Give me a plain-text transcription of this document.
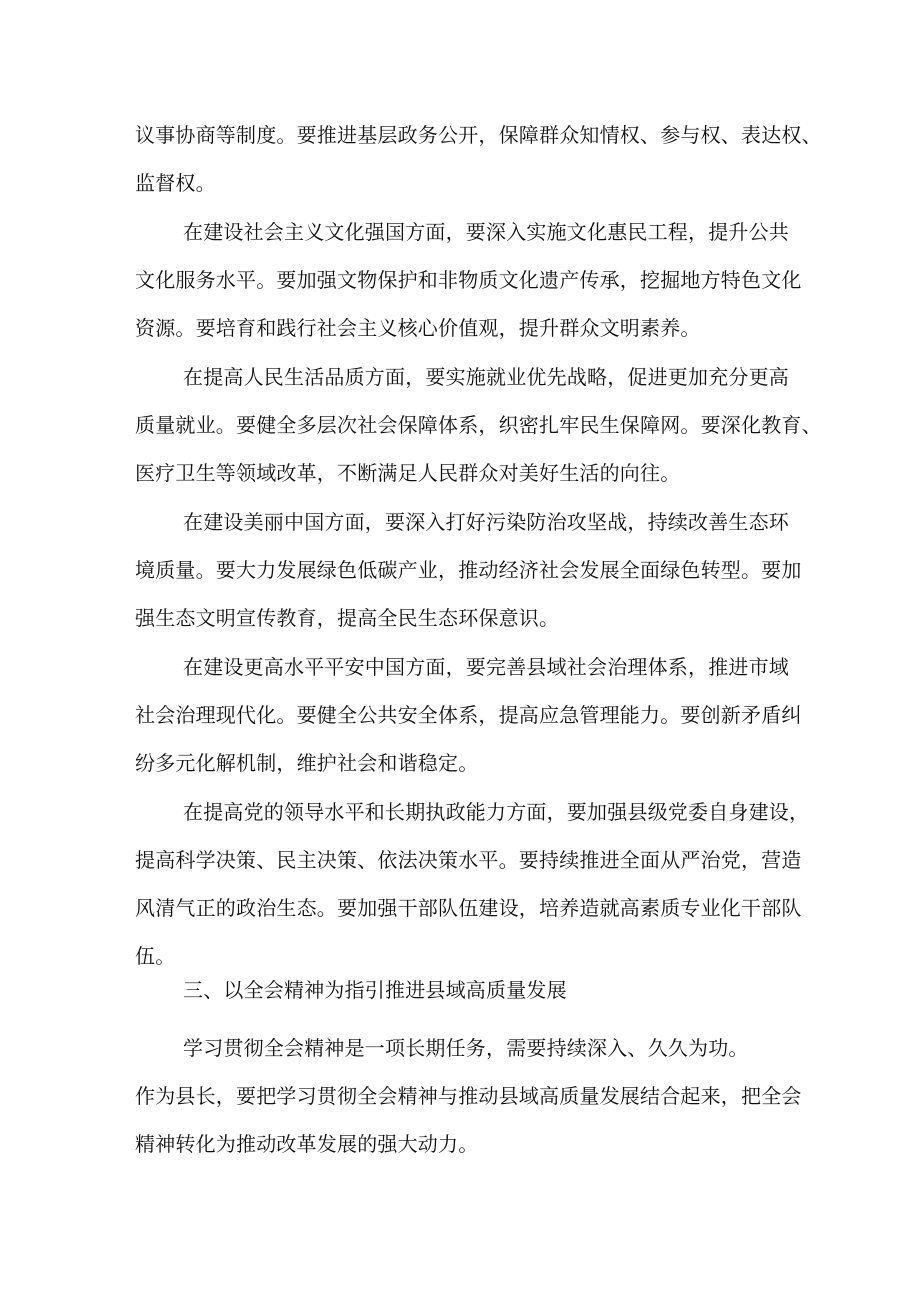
议事协商等制度。要推进基层政务公开，保障群众知情权、参与权、表达权、
监督权。
在建设社会主义文化强国方面，要深入实施文化惠民工程，提升公共
文化服务水平。要加强文物保护和非物质文化遗产传承，挖掘地方特色文化
资源。要培育和践行社会主义核心价值观，提升群众文明素养。
在提高人民生活品质方面，要实施就业优先战略，促进更加充分更高
质量就业。要健全多层次社会保障体系，织密扎牢民生保障网。要深化教育、
医疗卫生等领域改革，不断满足人民群众对美好生活的向往。
在建设美丽中国方面，要深入打好污染防治攻坚战，持续改善生态环
境质量。要大力发展绿色低碳产业，推动经济社会发展全面绿色转型。要加
强生态文明宣传教育，提高全民生态环保意识。
在建设更高水平平安中国方面，要完善县域社会治理体系，推进市域
社会治理现代化。要健全公共安全体系，提高应急管理能力。要创新矛盾纠
纷多元化解机制，维护社会和谐稳定。
在提高党的领导水平和长期执政能力方面，要加强县级党委自身建设，
提高科学决策、民主决策、依法决策水平。要持续推进全面从严治党，营造
风清气正的政治生态。要加强干部队伍建设，培养造就高素质专业化干部队
伍。
三、以全会精神为指引推进县域高质量发展
学习贯彻全会精神是一项长期任务，需要持续深入、久久为功。
作为县长，要把学习贯彻全会精神与推动县域高质量发展结合起来，把全会
精神转化为推动改革发展的强大动力。
